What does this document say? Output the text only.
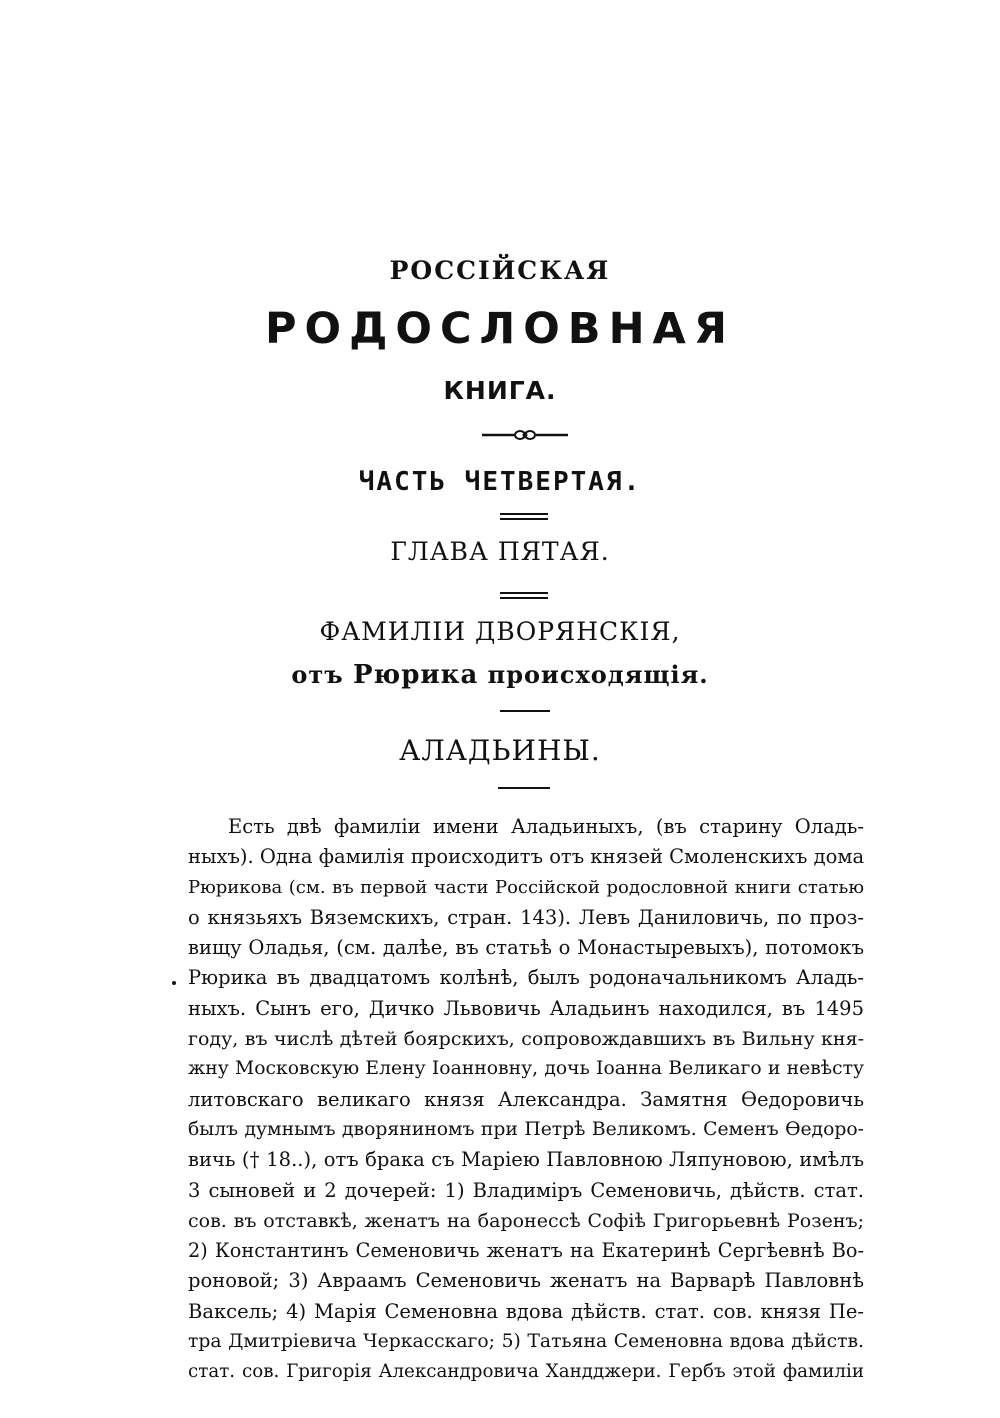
РОССІЙСКАЯ
РОДОСЛОВНАЯ
КНИГА.
ЧАСТЬ ЧЕТВЕРТАЯ.
ГЛАВА ПЯТАЯ.
ФАМИЛІИ ДВОРЯНСКІЯ,
отъ Рюрика происходящія.
АЛАДЬИНЫ.
Есть двѣ фамиліи имени Аладьиныхъ, (въ старину Оладь-
ныхъ). Одна фамилія происходитъ отъ князей Смоленскихъ дома
Рюрикова (см. въ первой части Россійской родословной книги статью
о князьяхъ Вяземскихъ, стран. 143). Левъ Даниловичь, по проз-
вищу Оладья, (см. далѣе, въ статьѣ о Монастыревыхъ), потомокъ
Рюрика въ двадцатомъ колѣнѣ, былъ родоначальникомъ Аладь-
ныхъ. Сынъ его, Дичко Львовичь Аладьинъ находился, въ 1495
году, въ числѣ дѣтей боярскихъ, сопровождавшихъ въ Вильну кня-
жну Московскую Елену Іоанновну, дочь Іоанна Великаго и невѣсту
литовскаго великаго князя Александра. Замятня Ѳедоровичь
былъ думнымъ дворяниномъ при Петрѣ Великомъ. Семенъ Ѳедоро-
вичь († 18..), отъ брака съ Маріею Павловною Ляпуновою, имѣлъ
3 сыновей и 2 дочерей: 1) Владиміръ Семеновичь, дѣйств. стат.
сов. въ отставкѣ, женатъ на баронессѣ Софіѣ Григорьевнѣ Розенъ;
2) Константинъ Семеновичь женатъ на Екатеринѣ Сергѣевнѣ Во-
роновой; 3) Авраамъ Семеновичь женатъ на Варварѣ Павловнѣ
Ваксель; 4) Марія Семеновна вдова дѣйств. стат. сов. князя Пе-
тра Дмитріевича Черкасскаго; 5) Татьяна Семеновна вдова дѣйств.
стат. сов. Григорія Александровича Хандджери. Гербъ этой фамиліи
